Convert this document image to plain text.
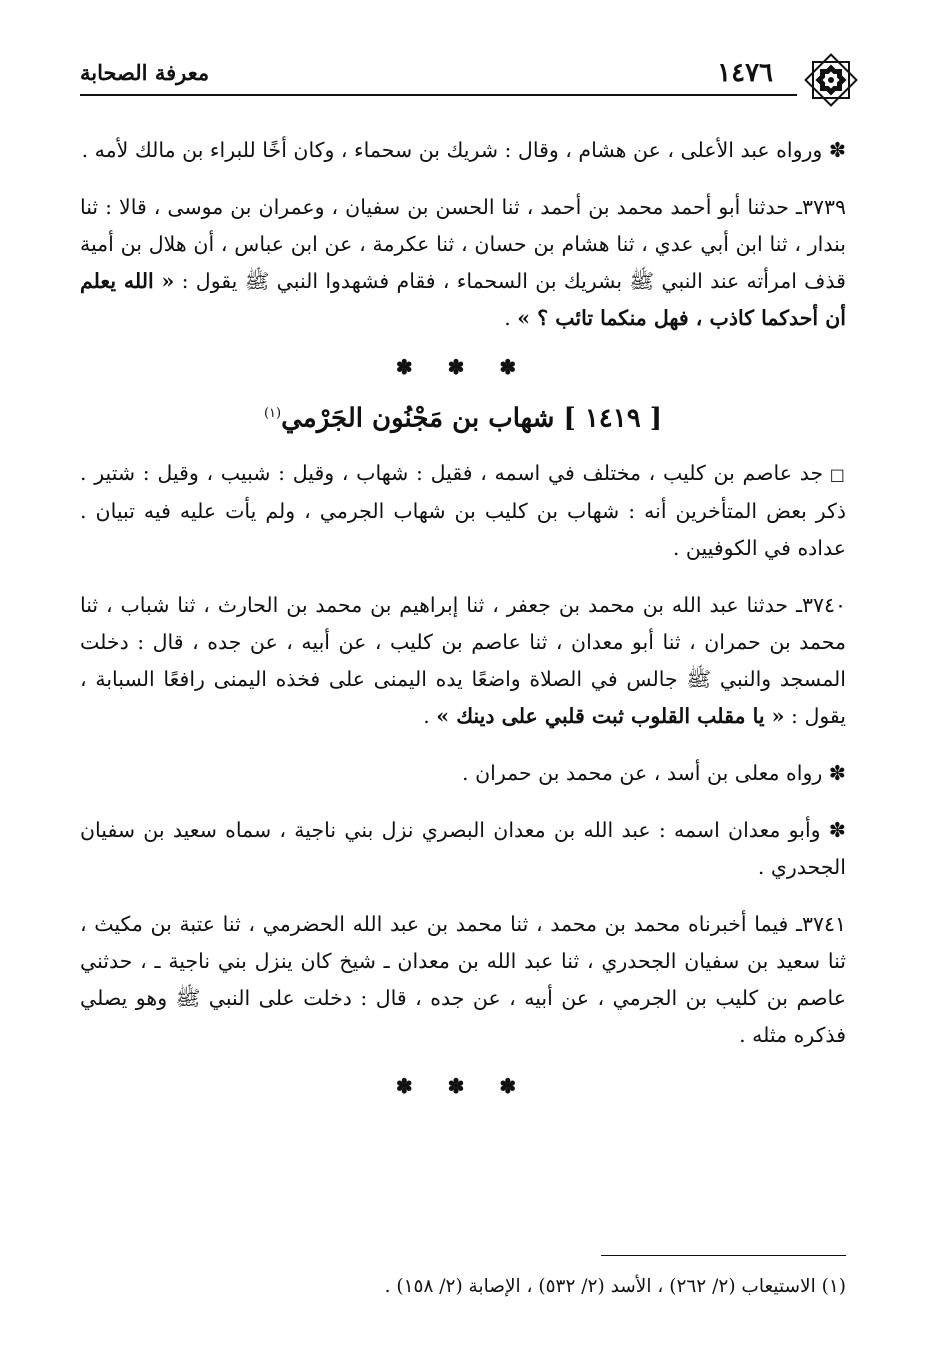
١٤٧٦
معرفة الصحابة

✽ ورواه عبد الأعلى ، عن هشام ، وقال : شريك بن سحماء ، وكان أخًا للبراء بن مالك لأمه .

٣٧٣٩ـ حدثنا أبو أحمد محمد بن أحمد ، ثنا الحسن بن سفيان ، وعمران بن موسى ، قالا : ثنا بندار ، ثنا ابن أبي عدي ، ثنا هشام بن حسان ، ثنا عكرمة ، عن ابن عباس ، أن هلال بن أمية قذف امرأته عند النبي ﷺ بشريك بن السحماء ، فقام فشهدوا النبي ﷺ يقول : « الله يعلم أن أحدكما كاذب ، فهل منكما تائب ؟ » .

✽ ✽ ✽
[ ١٤١٩ ] شهاب بن مَجْنُون الجَرْمي$^{(١)}$

□ جد عاصم بن كليب ، مختلف في اسمه ، فقيل : شهاب ، وقيل : شبيب ، وقيل : شتير . ذكر بعض المتأخرين أنه : شهاب بن كليب بن شهاب الجرمي ، ولم يأت عليه فيه تبيان . عداده في الكوفيين .

٣٧٤٠ـ حدثنا عبد الله بن محمد بن جعفر ، ثنا إبراهيم بن محمد بن الحارث ، ثنا شباب ، ثنا محمد بن حمران ، ثنا أبو معدان ، ثنا عاصم بن كليب ، عن أبيه ، عن جده ، قال : دخلت المسجد والنبي ﷺ جالس في الصلاة واضعًا يده اليمنى على فخذه اليمنى رافعًا السبابة ، يقول : « يا مقلب القلوب ثبت قلبي على دينك » .

✽ رواه معلى بن أسد ، عن محمد بن حمران .

✽ وأبو معدان اسمه : عبد الله بن معدان البصري نزل بني ناجية ، سماه سعيد بن سفيان الجحدري .

٣٧٤١ـ فيما أخبرناه محمد بن محمد ، ثنا محمد بن عبد الله الحضرمي ، ثنا عتبة بن مكيث ، ثنا سعيد بن سفيان الجحدري ، ثنا عبد الله بن معدان ـ شيخ كان ينزل بني ناجية ـ ، حدثني عاصم بن كليب بن الجرمي ، عن أبيه ، عن جده ، قال : دخلت على النبي ﷺ وهو يصلي فذكره مثله .

✽ ✽ ✽
(١) الاستيعاب (٢/ ٢٦٢) ، الأسد (٢/ ٥٣٢) ، الإصابة (٢/ ١٥٨) .
